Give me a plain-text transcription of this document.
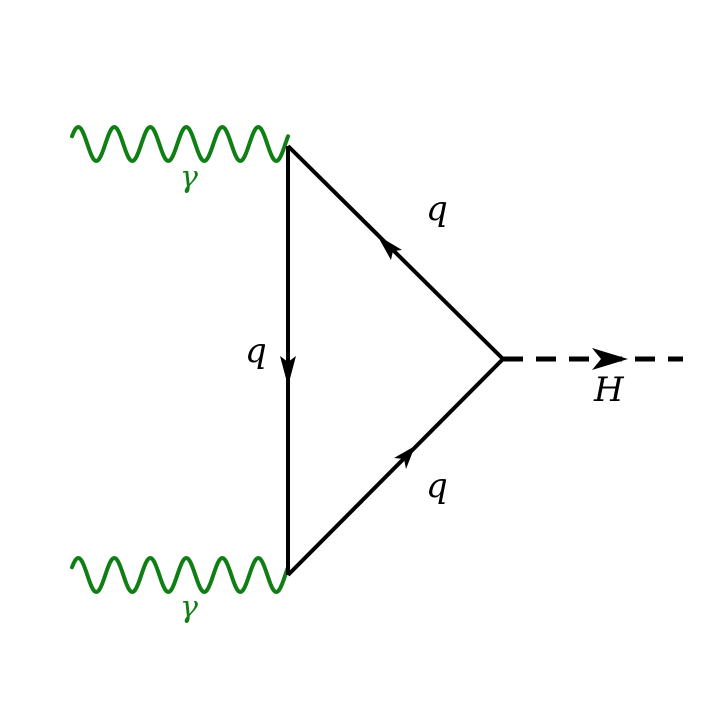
γ
γ
q
q
q
H
